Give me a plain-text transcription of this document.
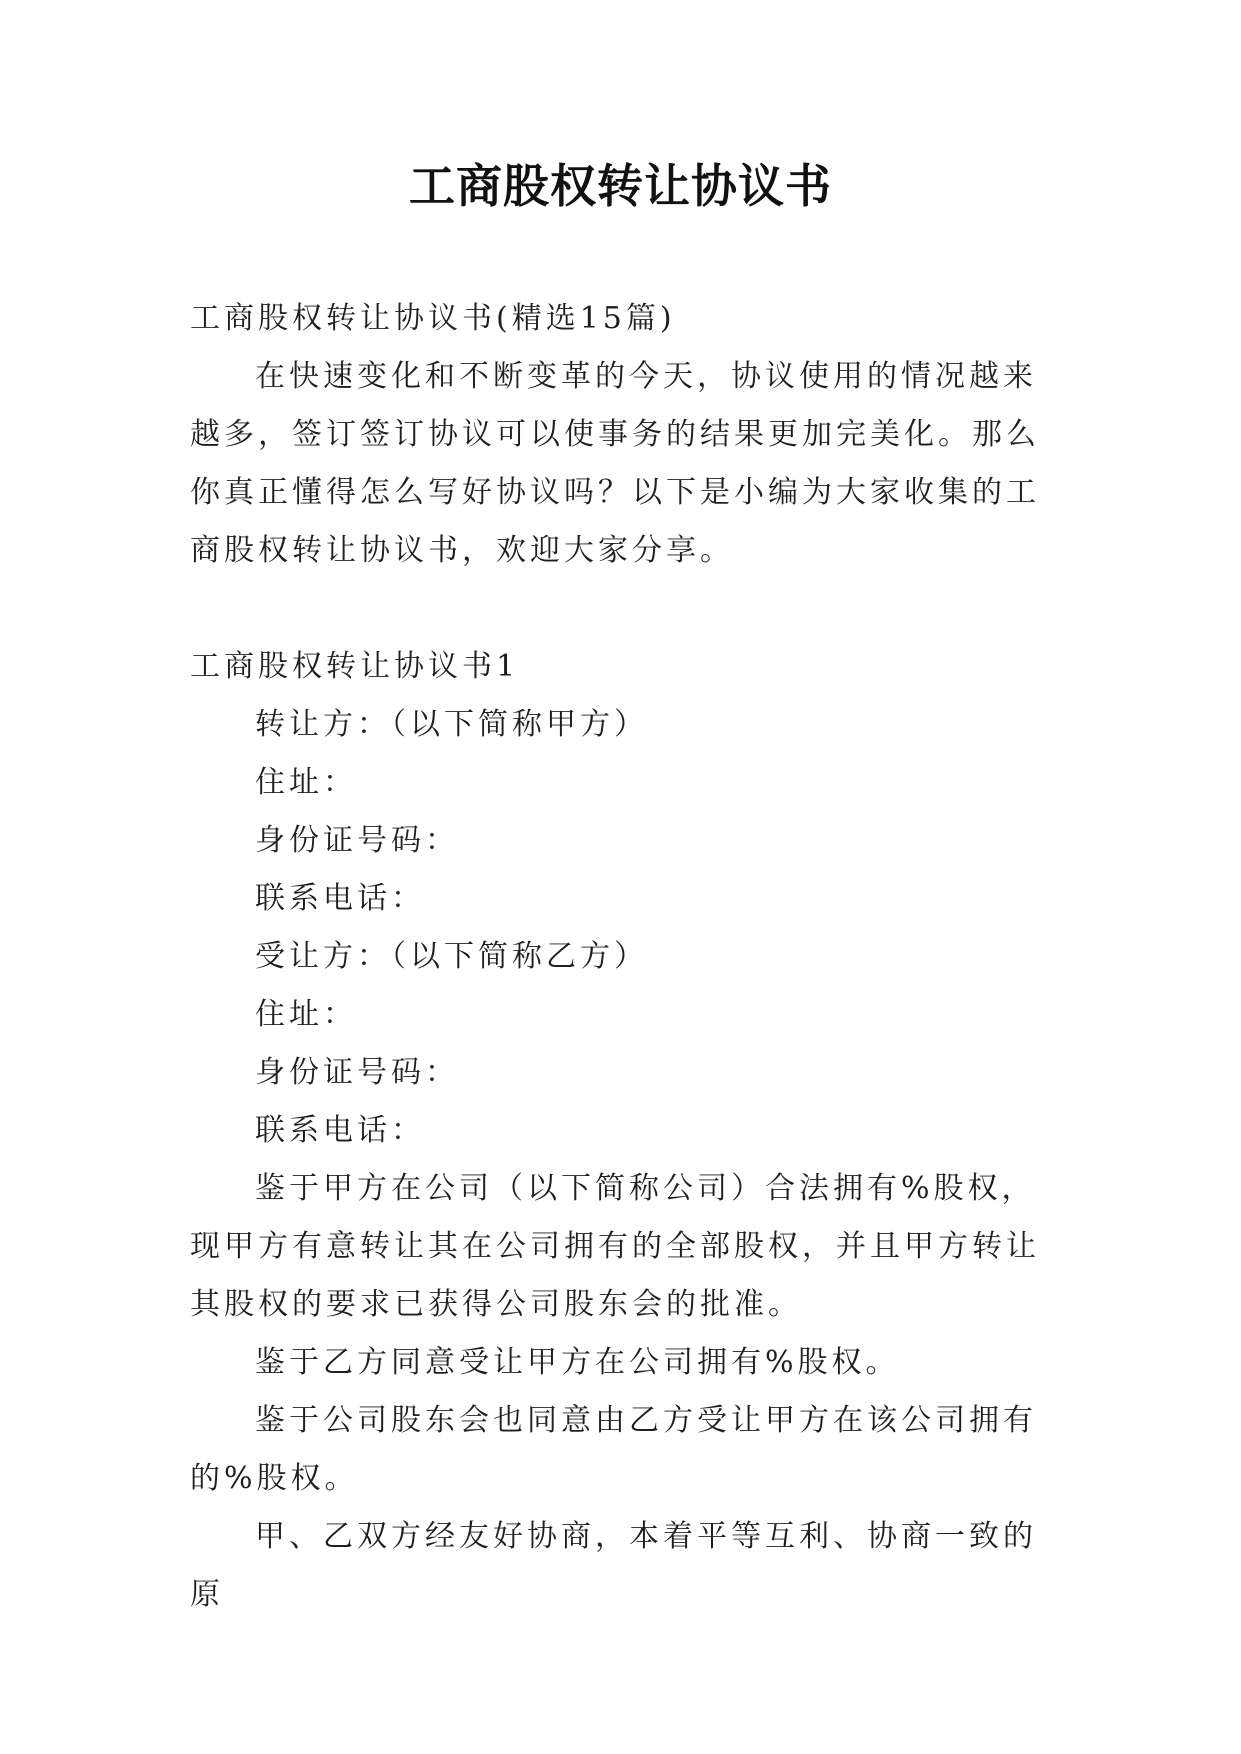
工商股权转让协议书

工商股权转让协议书(精选15篇)

在快速变化和不断变革的今天，协议使用的情况越来越多，签订签订协议可以使事务的结果更加完美化。那么你真正懂得怎么写好协议吗？以下是小编为大家收集的工商股权转让协议书，欢迎大家分享。

工商股权转让协议书1

转让方：（以下简称甲方）

住址：

身份证号码：

联系电话：

受让方：（以下简称乙方）

住址：

身份证号码：

联系电话：

鉴于甲方在公司（以下简称公司）合法拥有%股权，现甲方有意转让其在公司拥有的全部股权，并且甲方转让其股权的要求已获得公司股东会的批准。

鉴于乙方同意受让甲方在公司拥有%股权。

鉴于公司股东会也同意由乙方受让甲方在该公司拥有的%股权。

甲、乙双方经友好协商，本着平等互利、协商一致的原
